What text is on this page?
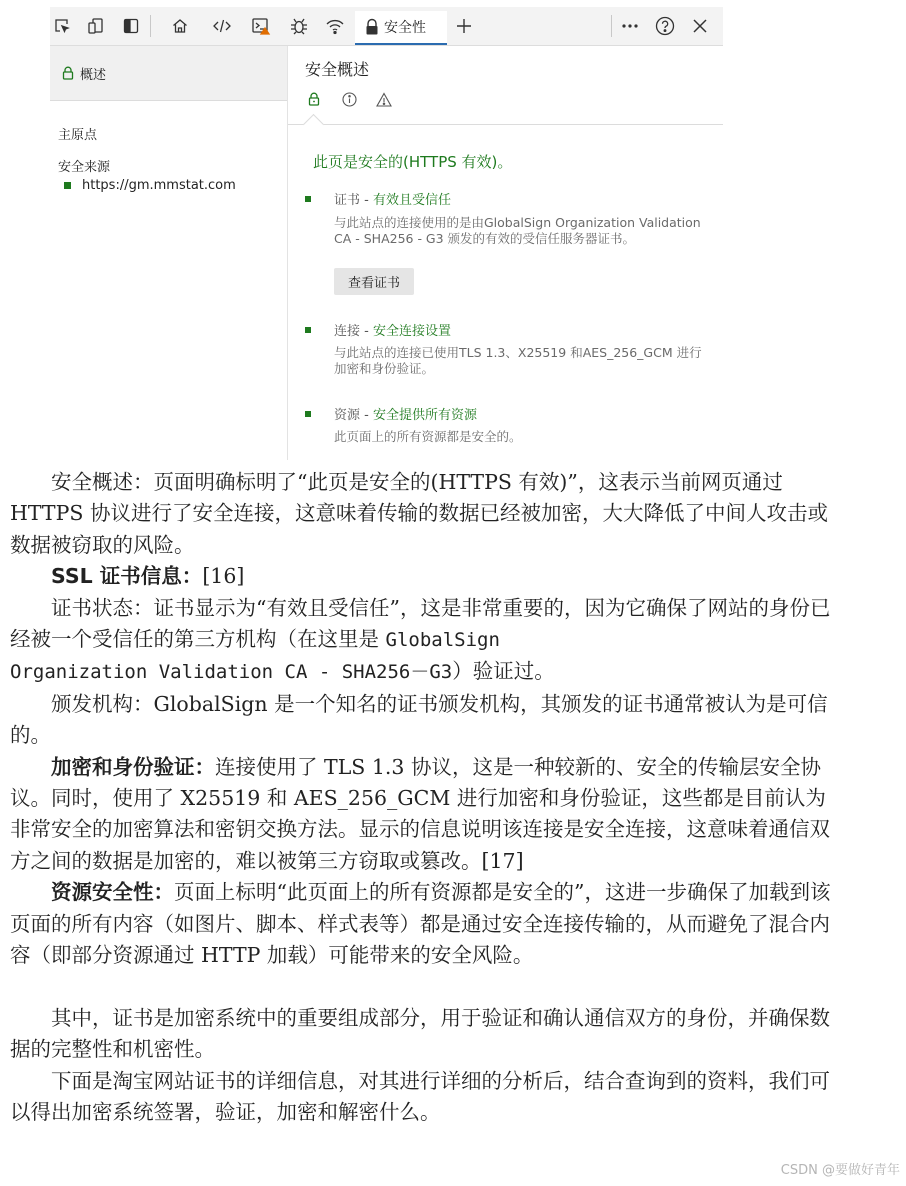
安全性
概述
主原点
安全来源
https://gm.mmstat.com
安全概述
此页是安全的(HTTPS 有效)。
证书 - 有效且受信任
与此站点的连接使用的是由GlobalSign Organization Validation CA - SHA256 - G3 颁发的有效的受信任服务器证书。
查看证书
连接 - 安全连接设置
与此站点的连接已使用TLS 1.3、X25519 和AES_256_GCM 进行加密和身份验证。
资源 - 安全提供所有资源
此页面上的所有资源都是安全的。

安全概述：页面明确标明了“此页是安全的(HTTPS 有效)”，这表示当前网页通过 HTTPS 协议进行了安全连接，这意味着传输的数据已经被加密，大大降低了中间人攻击或数据被窃取的风险。

SSL 证书信息：[16]

证书状态：证书显示为“有效且受信任”，这是非常重要的，因为它确保了网站的身份已经被一个受信任的第三方机构（在这里是 GlobalSign
Organization Validation CA - SHA256－G3）验证过。

颁发机构：GlobalSign 是一个知名的证书颁发机构，其颁发的证书通常被认为是可信的。

加密和身份验证：连接使用了 TLS 1.3 协议，这是一种较新的、安全的传输层安全协议。同时，使用了 X25519 和 AES_256_GCM 进行加密和身份验证，这些都是目前认为非常安全的加密算法和密钥交换方法。显示的信息说明该连接是安全连接，这意味着通信双方之间的数据是加密的，难以被第三方窃取或篡改。[17]

资源安全性：页面上标明“此页面上的所有资源都是安全的”，这进一步确保了加载到该页面的所有内容（如图片、脚本、样式表等）都是通过安全连接传输的，从而避免了混合内容（即部分资源通过 HTTP 加载）可能带来的安全风险。

其中，证书是加密系统中的重要组成部分，用于验证和确认通信双方的身份，并确保数据的完整性和机密性。

下面是淘宝网站证书的详细信息，对其进行详细的分析后，结合查询到的资料，我们可以得出加密系统签署，验证，加密和解密什么。

CSDN @要做好青年
